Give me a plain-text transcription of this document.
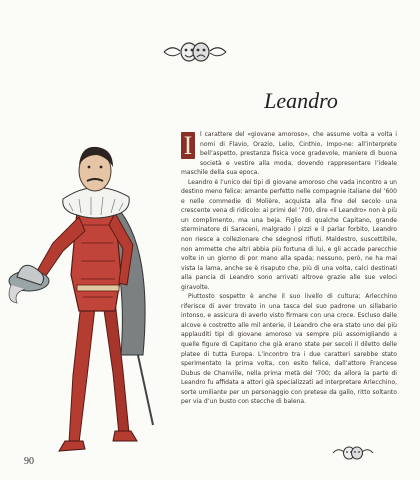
Leandro

I	l carattere del «giovane amoroso», che assume volta a volta i nomi di Flavio, Orazio, Lelio, Cinthio, Impo-ne: all’interprete bell’aspetto, prestanza fisica voce gradevole, maniere di buona società e vestire alla moda, dovendo rappresentare l’ideale maschile della sua epoca.

Leandro è l’unico dei tipi di giovane amoroso che vada incontro a un destino meno felice: amante perfetto nelle compagnie italiane del ’600 e nelle commedie di Molière, acquista alla fine del secolo una crescente vena di ridicolo: ai primi del ’700, dire «il Leandro» non è più un complimento, ma una beja. Figlio di qualche Capitano, grande sterminatore di Saraceni, malgrado i pizzi e il parlar forbito, Leandro non riesce a collezionare che sdegnosi rifiuti. Maldestro, suscettibile, non ammette che altri abbia più fortuna di lui, e gli accade parecchie volte in un giorno di por mano alla spada; nessuno, però, ne ha mai vista la lama, anche se è risaputo che, più di una volta, calci destinati alla pancia di Leandro sono arrivati altrove grazie alle sue veloci giravolte.

Piuttosto sospetto è anche il suo livello di cultura; Arlecchino riferisce di aver trovato in una tasca del suo padrone un sillabario intonso, e assicura di averlo visto firmare con una croce. Escluso dalle alcove e costretto alle mil anterie, il Leandro che era stato uno dei più applauditi tipi di giovane amoroso va sempre più assomigliando a quelle figure di Capitano che già erano state per secoli il diletto delle platee di tutta Europa. L’incontro tra i due caratteri sarebbe stato sperimentato la prima volta, con esito felice, dall’attore Francese Dubus de Chanville, nella prima metà del ’700; da allora la parte di Leandro fu affidata a attori già specializzati ad interpretare Arlecchino, sorte umiliante per un personaggio con pretese da gallo, ritto soltanto per via d’un busto con stecche di balena.

90
